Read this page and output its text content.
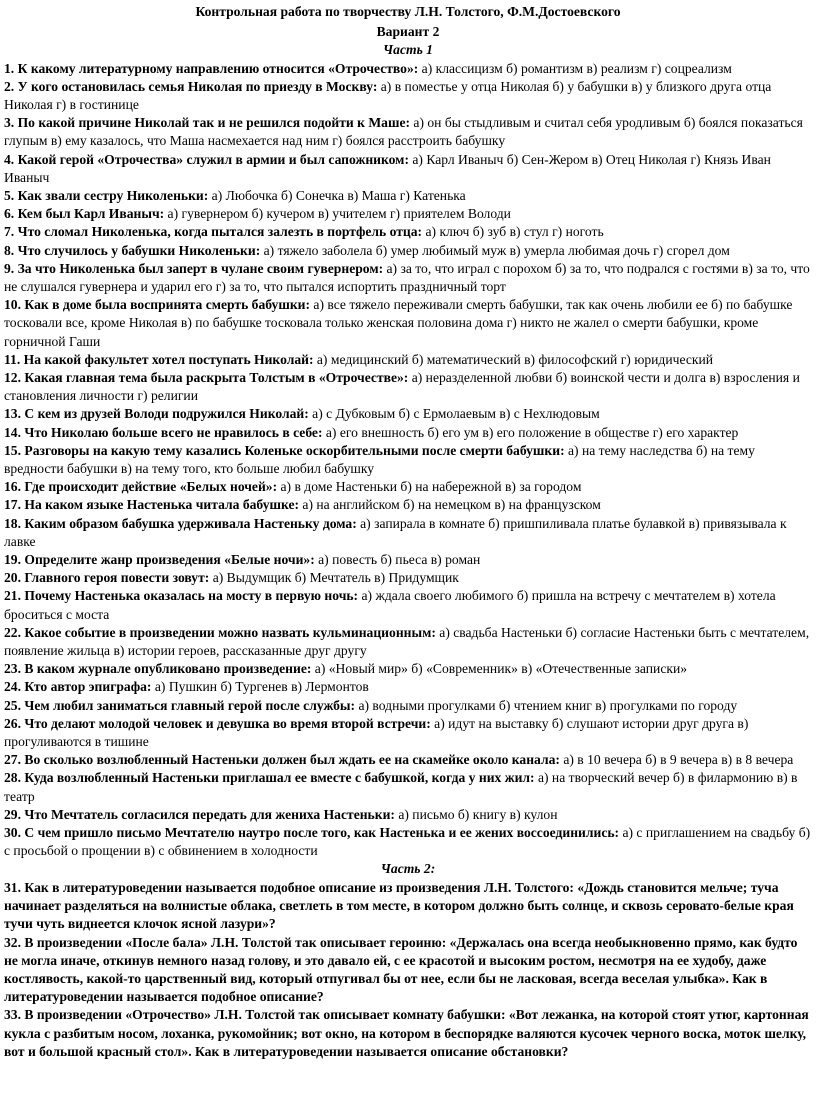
Контрольная работа по творчеству Л.Н. Толстого, Ф.М.Достоевского
Вариант 2
Часть 1

1. К какому литературному направлению относится «Отрочество»: а) классицизм б) романтизм в) реализм г) соцреализм

2. У кого остановилась семья Николая по приезду в Москву: а) в поместье у отца Николая б) у бабушки в) у близкого друга отца Николая г) в гостинице

3. По какой причине Николай так и не решился подойти к Маше: а) он бы стыдливым и считал себя уродливым б) боялся показаться глупым в) ему казалось, что Маша насмехается над ним г) боялся расстроить бабушку

4. Какой герой «Отрочества» служил в армии и был сапожником: а) Карл Иваныч б) Сен-Жером в) Отец Николая г) Князь Иван Иваныч

5. Как звали сестру Николеньки: а) Любочка б) Сонечка в) Маша г) Катенька

6. Кем был Карл Иваныч: а) гувернером б) кучером в) учителем г) приятелем Володи

7. Что сломал Николенька, когда пытался залезть в портфель отца: а) ключ б) зуб в) стул г) ноготь

8. Что случилось у бабушки Николеньки: а) тяжело заболела б) умер любимый муж в) умерла любимая дочь г) сгорел дом

9. За что Николенька был заперт в чулане своим гувернером: а) за то, что играл с порохом б) за то, что подрался с гостями в) за то, что не слушался гувернера и ударил его г) за то, что пытался испортить праздничный торт

10. Как в доме была воспринята смерть бабушки: а) все тяжело переживали смерть бабушки, так как очень любили ее б) по бабушке тосковали все, кроме Николая в) по бабушке тосковала только женская половина дома г) никто не жалел о смерти бабушки, кроме горничной Гаши

11. На какой факультет хотел поступать Николай: а) медицинский б) математический в) философский г) юридический

12. Какая главная тема была раскрыта Толстым в «Отрочестве»: а) неразделенной любви б) воинской чести и долга в) взросления и становления личности г) религии

13. С кем из друзей Володи подружился Николай: а) с Дубковым б) с Ермолаевым в) с Нехлюдовым

14. Что Николаю больше всего не нравилось в себе: а) его внешность б) его ум в) его положение в обществе г) его характер

15. Разговоры на какую тему казались Коленьке оскорбительными после смерти бабушки: а) на тему наследства б) на тему вредности бабушки в) на тему того, кто больше любил бабушку

16. Где происходит действие «Белых ночей»: а) в доме Настеньки б) на набережной в) за городом

17. На каком языке Настенька читала бабушке: а) на английском б) на немецком в) на французском

18. Каким образом бабушка удерживала Настеньку дома: а) запирала в комнате б) пришпиливала платье булавкой в) привязывала к лавке

19. Определите жанр произведения «Белые ночи»: а) повесть б) пьеса в) роман

20. Главного героя повести зовут: а) Выдумщик б) Мечтатель в) Придумщик

21. Почему Настенька оказалась на мосту в первую ночь: а) ждала своего любимого б) пришла на встречу с мечтателем в) хотела броситься с моста

22. Какое событие в произведении можно назвать кульминационным: а) свадьба Настеньки б) согласие Настеньки быть с мечтателем, появление жильца в) истории героев, рассказанные друг другу

23. В каком журнале опубликовано произведение: а) «Новый мир» б) «Современник» в) «Отечественные записки»

24. Кто автор эпиграфа: а) Пушкин б) Тургенев в) Лермонтов

25. Чем любил заниматься главный герой после службы: а) водными прогулками б) чтением книг в) прогулками по городу

26. Что делают молодой человек и девушка во время второй встречи: а) идут на выставку б) слушают истории друг друга в) прогуливаются в тишине

27. Во сколько возлюбленный Настеньки должен был ждать ее на скамейке около канала: а) в 10 вечера б) в 9 вечера в) в 8 вечера

28. Куда возлюбленный Настеньки приглашал ее вместе с бабушкой, когда у них жил: а) на творческий вечер б) в филармонию в) в театр

29. Что Мечтатель согласился передать для жениха Настеньки: а) письмо б) книгу в) кулон

30. С чем пришло письмо Мечтателю наутро после того, как Настенька и ее жених воссоединились: а) с приглашением на свадьбу б) с просьбой о прощении в) с обвинением в холодности

Часть 2:

31. Как в литературоведении называется подобное описание из произведения Л.Н. Толстого: «Дождь становится мельче; туча начинает разделяться на волнистые облака, светлеть в том месте, в котором должно быть солнце, и сквозь серовато-белые края тучи чуть виднеется клочок ясной лазури»?

32. В произведении «После бала» Л.Н. Толстой так описывает героиню: «Держалась она всегда необыкновенно прямо, как будто не могла иначе, откинув немного назад голову, и это давало ей, с ее красотой и высоким ростом, несмотря на ее худобу, даже костлявость, какой-то царственный вид, который отпугивал бы от нее, если бы не ласковая, всегда веселая улыбка». Как в литературоведении называется подобное описание?

33. В произведении «Отрочество» Л.Н. Толстой так описывает комнату бабушки: «Вот лежанка, на которой стоят утюг, картонная кукла с разбитым носом, лоханка, рукомойник; вот окно, на котором в беспорядке валяются кусочек черного воска, моток шелку, вот и большой красный стол». Как в литературоведении называется описание обстановки?
